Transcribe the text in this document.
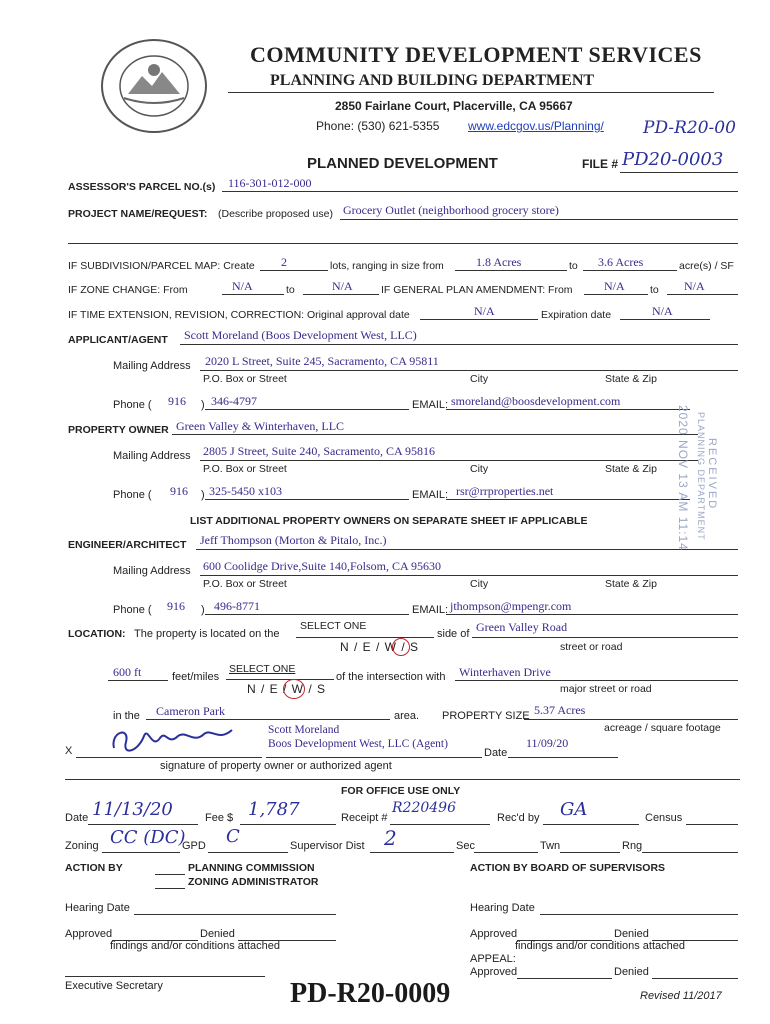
COMMUNITY DEVELOPMENT SERVICES
PLANNING AND BUILDING DEPARTMENT
2850 Fairlane Court, Placerville, CA 95667
Phone: (530) 621-5355 www.edcgov.us/Planning/ PD-R20-00
PLANNED DEVELOPMENT	FILE # PD20-0003
ASSESSOR'S PARCEL NO.(s) 116-301-012-000
PROJECT NAME/REQUEST: (Describe proposed use) Grocery Outlet (neighborhood grocery store)
IF SUBDIVISION/PARCEL MAP: Create 2	lots, ranging in size from	1.8 Acres	to 3.6 Acres	acre(s) / SF
IF ZONE CHANGE: From	N/A	to	N/A	IF GENERAL PLAN AMENDMENT: From	N/A to N/A
IF TIME EXTENSION, REVISION, CORRECTION: Original approval date	N/A	Expiration date	N/A
APPLICANT/AGENT Scott Moreland (Boos Development West, LLC)
Mailing Address 2020 L Street, Suite 245, Sacramento, CA 95811
P.O. Box or Street	City	State & Zip
Phone ( 916 ) 346-4797	EMAIL: smoreland@boosdevelopment.com
PROPERTY OWNER Green Valley & Winterhaven, LLC
Mailing Address 2805 J Street, Suite 240, Sacramento, CA 95816
P.O. Box or Street	City	State & Zip
Phone ( 916 ) 325-5450 x103	EMAIL: rsr@rrproperties.net
LIST ADDITIONAL PROPERTY OWNERS ON SEPARATE SHEET IF APPLICABLE
ENGINEER/ARCHITECT Jeff Thompson (Morton & Pitalo, Inc.)
Mailing Address 600 Coolidge Drive,Suite 140,Folsom, CA 95630
P.O. Box or Street	City	State & Zip
Phone ( 916 ) 496-8771	EMAIL: jthompson@mpengr.com
LOCATION: The property is located on the
SELECT ONE
N / E / W / S
side of Green Valley Road
street or road
600 ft	feet/miles
SELECT ONE
N / E / W / S
of the intersection with Winterhaven Drive
major street or road
in the Cameron Park	area. PROPERTY SIZE 5.37 Acres
acreage / square footage
X
Scott Moreland
Boos Development West, LLC (Agent)
Date
11/09/20
signature of property owner or authorized agent
FOR OFFICE USE ONLY
Date 11/13/20	Fee $ 1,787	Receipt #
R220496
Rec'd by GA	Census
Zoning CC (DC)
GPD C	Supervisor Dist 2	Sec	Twn	Rng
ACTION BY	PLANNING COMMISSION
ZONING ADMINISTRATOR
ACTION BY BOARD OF SUPERVISORS
Hearing Date	Hearing Date
Approved	Denied
findings and/or conditions attached
Approved	Denied
findings and/or conditions attached
APPEAL:
Approved	Denied
Executive Secretary	PD-R20-0009	Revised 11/2017
2020 NOV 13 AM 11:14 RECEIVED
PLANNING DEPARTMENT
